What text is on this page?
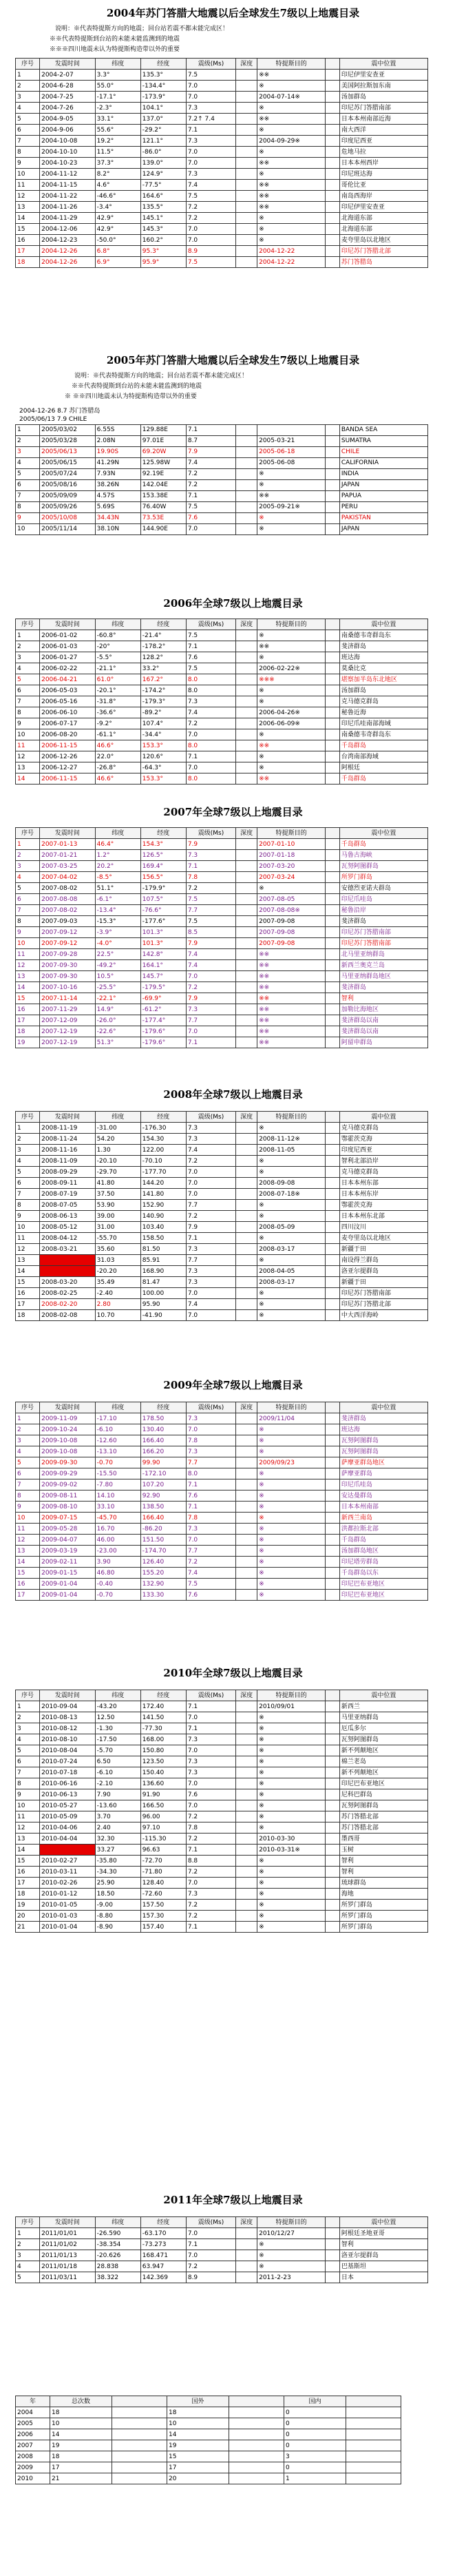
2004年苏门答腊大地震以后全球发生7级以上地震目录
说明：※代表特提斯方向的地震；回台站若震不都未能完成区！
※※代表特提斯到台站的未能未能监测到的地震
※※※四川地震未认为特提斯构造带以外的重要
序号	发震时间	纬度	经度	震级(Ms)	深度	特提斯目的		震中位置
1	2004-2-07	3.3°	135.3°	7.5		※※		印尼伊里安查亚
2	2004-6-28	55.0°	-134.4°	7.0		※		美国阿拉斯加东南
3	2004-7-25	-17.1°	-173.9°	7.0		2004-07-14※		汤加群岛
4	2004-7-26	-2.3°	104.1°	7.3		※		印尼苏门答腊南部
5	2004-9-05	33.1°	137.0°	7.2↑ 7.4		※※		日本本州南部近海
6	2004-9-06	55.6°	-29.2°	7.1		※		南大西洋
7	2004-10-08	19.2°	121.1°	7.3		2004-09-29※		印度尼西亚
8	2004-10-10	11.5°	-86.0°	7.0		※		危地马拉
9	2004-10-23	37.3°	139.0°	7.0		※※		日本本州西岸
10	2004-11-12	8.2°	124.9°	7.3		※		印尼班达海
11	2004-11-15	4.6°	-77.5°	7.4		※※		哥伦比亚
12	2004-11-22	-46.6°	164.6°	7.5		※※		南岛西海岸
13	2004-11-26	-3.4°	135.5°	7.2		※※		印尼伊里安查亚
14	2004-11-29	42.9°	145.1°	7.2		※		北海道东部
15	2004-12-06	42.9°	145.3°	7.0		※		北海道东部
16	2004-12-23	-50.0°	160.2°	7.0		※		麦夸里岛以北地区
17	2004-12-26	6.8°	95.3°	8.9		2004-12-22		印尼苏门答腊北部
18	2004-12-26	6.9°	95.9°	7.5		2004-12-22		苏门答腊岛
2005年苏门答腊大地震以后全球发生7级以上地震目录
说明：※代表特提斯方向的地震；回台站若震不都未能完成区！
※※代表特提斯到台站的未能未能监测到的地震
※ ※※四川地震未认为特提斯构造带以外的重要
2004-12-26 8.7 苏门答腊岛
2005/06/13 7.9 CHILE

1	2005/03/02	6.55S	129.88E	7.1				BANDA SEA
2	2005/03/28	2.08N	97.01E	8.7		2005-03-21		SUMATRA
3	2005/06/13	19.90S	69.20W	7.9		2005-06-18		CHILE
4	2005/06/15	41.29N	125.98W	7.4		2005-06-08		CALIFORNIA
5	2005/07/24	7.93N	92.19E	7.2		※		INDIA
6	2005/08/16	38.26N	142.04E	7.2		※		JAPAN
7	2005/09/09	4.57S	153.38E	7.1		※※		PAPUA
8	2005/09/26	5.69S	76.40W	7.5		2005-09-21※		PERU
9	2005/10/08	34.43N	73.53E	7.6		※		PAKISTAN
10	2005/11/14	38.10N	144.90E	7.0		※		JAPAN
2006年全球7级以上地震目录
序号	发震时间	纬度	经度	震级(Ms)	深度	特提斯目的		震中位置
1	2006-01-02	-60.8°	-21.4°	7.5		※		南桑德韦奇群岛东
2	2006-01-03	-20°	-178.2°	7.1		※※		斐济群岛
3	2006-01-27	-5.5°	128.2°	7.6		※		班达海
4	2006-02-22	-21.1°	33.2°	7.5		2006-02-22※		莫桑比克
5	2006-04-21	61.0°	167.2°	8.0		※※※		堪察加半岛东北地区
6	2006-05-03	-20.1°	-174.2°	8.0		※		汤加群岛
7	2006-05-16	-31.8°	-179.3°	7.3		※		克马德克群岛
8	2006-06-10	-36.6°	-89.2°	7.4		2006-04-26※		秘鲁近海
9	2006-07-17	-9.2°	107.4°	7.2		2006-06-09※		印尼爪哇南部海域
10	2006-08-20	-61.1°	-34.4°	7.0		※		南桑德韦奇群岛东
11	2006-11-15	46.6°	153.3°	8.0		※※		千岛群岛
12	2006-12-26	22.0°	120.6°	7.1		※		台湾南部海域
13	2006-12-27	-26.8°	-64.3°	7.0		※		阿根廷
14	2006-11-15	46.6°	153.3°	8.0		※※		千岛群岛
2007年全球7级以上地震目录
序号	发震时间	纬度	经度	震级(Ms)	深度	特提斯目的		震中位置
1	2007-01-13	46.4°	154.3°	7.9		2007-01-10		千岛群岛
2	2007-01-21	1.2°	126.5°	7.3		2007-01-18		马鲁古海峡
3	2007-03-25	20.2°	169.4°	7.1		2007-03-20		瓦努阿图群岛
4	2007-04-02	-8.5°	156.5°	7.8		2007-03-24		所罗门群岛
5	2007-08-02	51.1°	-179.9°	7.2		※		安德烈亚诺夫群岛
6	2007-08-08	-6.1°	107.5°	7.5		2007-08-05		印尼爪哇岛
7	2007-08-02	-13.4°	-76.6°	7.7		2007-08-08※		秘鲁沿岸
8	2007-09-03	-15.3°	-177.6°	7.5		2007-09-08		斐济群岛
9	2007-09-12	-3.9°	101.3°	8.5		2007-09-08		印尼苏门答腊南部
10	2007-09-12	-4.0°	101.3°	7.9		2007-09-08		印尼苏门答腊南部
11	2007-09-28	22.5°	142.8°	7.4		※※		北马里亚纳群岛
12	2007-09-30	-49.2°	164.1°	7.4		※※		新西兰奥克兰岛
13	2007-09-30	10.5°	145.7°	7.0		※※		马里亚纳群岛地区
14	2007-10-16	-25.5°	-179.5°	7.2		※※		斐济群岛
15	2007-11-14	-22.1°	-69.9°	7.9		※※		智利
16	2007-11-29	14.9°	-61.2°	7.3		※※		加勒比海地区
17	2007-12-09	-26.0°	-177.4°	7.7		※※		斐济群岛以南
18	2007-12-19	-22.6°	-179.6°	7.0		※※		斐济群岛以南
19	2007-12-19	51.3°	-179.6°	7.1		※※		阿留申群岛
2008年全球7级以上地震目录
序号	发震时间	纬度	经度	震级(Ms)	深度	特提斯目的		震中位置
1	2008-11-19	-31.00	-176.30	7.3		※		克马德克群岛
2	2008-11-24	54.20	154.30	7.3		2008-11-12※		鄂霍茨克海
3	2008-11-16	1.30	122.00	7.4		2008-11-05		印度尼西亚
4	2008-11-09	-20.10	-70.10	7.2		※		智利北部沿岸
5	2008-09-29	-29.70	-177.70	7.0		※		克马德克群岛
6	2008-09-11	41.80	144.20	7.0		2008-09-08		日本本州东部
7	2008-07-19	37.50	141.80	7.0		2008-07-18※		日本本州东岸
8	2008-07-05	53.90	152.90	7.7		※		鄂霍茨克海
9	2008-06-13	39.00	140.90	7.2		※		日本本州东北部
10	2008-05-12	31.00	103.40	7.9		2008-05-09		四川汶川
11	2008-04-12	-55.70	158.50	7.1		※		麦夸里岛以北地区
12	2008-03-21	35.60	81.50	7.3		2008-03-17		新疆于田
13	2008-03-21	31.03	85.91	7.7		※		南设得兰群岛
14	2008-04-09	-20.20	168.90	7.3		2008-04-05		洛亚尔提群岛
15	2008-03-20	35.49	81.47	7.3		2008-03-17		新疆于田
16	2008-02-25	-2.40	100.00	7.0		※		印尼苏门答腊南部
17	2008-02-20	2.80	95.90	7.4		※		印尼苏门答腊北部
18	2008-02-08	10.70	-41.90	7.0		※		中大西洋海岭
2009年全球7级以上地震目录
序号	发震时间	纬度	经度	震级(Ms)	深度	特提斯目的		震中位置
1	2009-11-09	-17.10	178.50	7.3		2009/11/04		斐济群岛
2	2009-10-24	-6.10	130.40	7.0		※		班达海
3	2009-10-08	-12.60	166.40	7.8		※		瓦努阿图群岛
4	2009-10-08	-13.10	166.20	7.3		※		瓦努阿图群岛
5	2009-09-30	-0.70	99.90	7.7		2009/09/23		萨摩亚群岛地区
6	2009-09-29	-15.50	-172.10	8.0		※		萨摩亚群岛
7	2009-09-02	-7.80	107.20	7.1		※		印尼爪哇岛
8	2009-08-11	14.10	92.90	7.6		※		安达曼群岛
9	2009-08-10	33.10	138.50	7.1		※		日本本州南部
10	2009-07-15	-45.70	166.40	7.8		※		新西兰南岛
11	2009-05-28	16.70	-86.20	7.3		※		洪都拉斯北部
12	2009-04-07	46.00	151.50	7.0		※		千岛群岛
13	2009-03-19	-23.00	-174.70	7.7		※		汤加群岛地区
14	2009-02-11	3.90	126.40	7.2		※		印尼塔劳群岛
15	2009-01-15	46.80	155.20	7.4		※		千岛群岛以东
16	2009-01-04	-0.40	132.90	7.5		※		印尼巴布亚地区
17	2009-01-04	-0.70	133.30	7.6		※		印尼巴布亚地区
2010年全球7级以上地震目录
序号	发震时间	纬度	经度	震级(Ms)	深度	特提斯目的		震中位置
1	2010-09-04	-43.20	172.40	7.1		2010/09/01		新西兰
2	2010-08-13	12.50	141.50	7.0		※		马里亚纳群岛
3	2010-08-12	-1.30	-77.30	7.1		※		厄瓜多尔
4	2010-08-10	-17.50	168.00	7.3		※		瓦努阿图群岛
5	2010-08-04	-5.70	150.80	7.0		※		新不列颠地区
6	2010-07-24	6.50	123.50	7.3		※		棉兰老岛
7	2010-07-18	-6.10	150.40	7.3		※		新不列颠地区
8	2010-06-16	-2.10	136.60	7.0		※		印尼巴布亚地区
9	2010-06-13	7.90	91.90	7.6		※		尼科巴群岛
10	2010-05-27	-13.60	166.50	7.0		※		瓦努阿图群岛
11	2010-05-09	3.70	96.00	7.2		※		苏门答腊北部
12	2010-04-06	2.40	97.10	7.8		※		苏门答腊北部
13	2010-04-04	32.30	-115.30	7.2		2010-03-30		墨西哥
14	2010-04-13	33.27	96.63	7.1		2010-03-31※		玉树
15	2010-02-27	-35.80	-72.70	8.8		※		智利
16	2010-03-11	-34.30	-71.80	7.2		※		智利
17	2010-02-26	25.90	128.40	7.0		※		琉球群岛
18	2010-01-12	18.50	-72.60	7.3		※		海地
19	2010-01-05	-9.00	157.50	7.2		※		所罗门群岛
20	2010-01-03	-8.80	157.30	7.2		※		所罗门群岛
21	2010-01-04	-8.90	157.40	7.1		※		所罗门群岛
2011年全球7级以上地震目录
序号	发震时间	纬度	经度	震级(Ms)	深度	特提斯目的		震中位置
1	2011/01/01	-26.590	-63.170	7.0		2010/12/27		阿根廷圣地亚哥
2	2011/01/02	-38.354	-73.273	7.1		※		智利
3	2011/01/13	-20.626	168.471	7.0		※		洛亚尔提群岛
4	2011/01/18	28.838	63.947	7.2		※		巴基斯坦
5	2011/03/11	38.322	142.369	8.9		2011-2-23		日本
年	总次数		国外		国内	
2004	18		18		0	
2005	10		10		0	
2006	14		14		0	
2007	19		19		0	
2008	18		15		3	
2009	17		17		0	
2010	21		20		1	
